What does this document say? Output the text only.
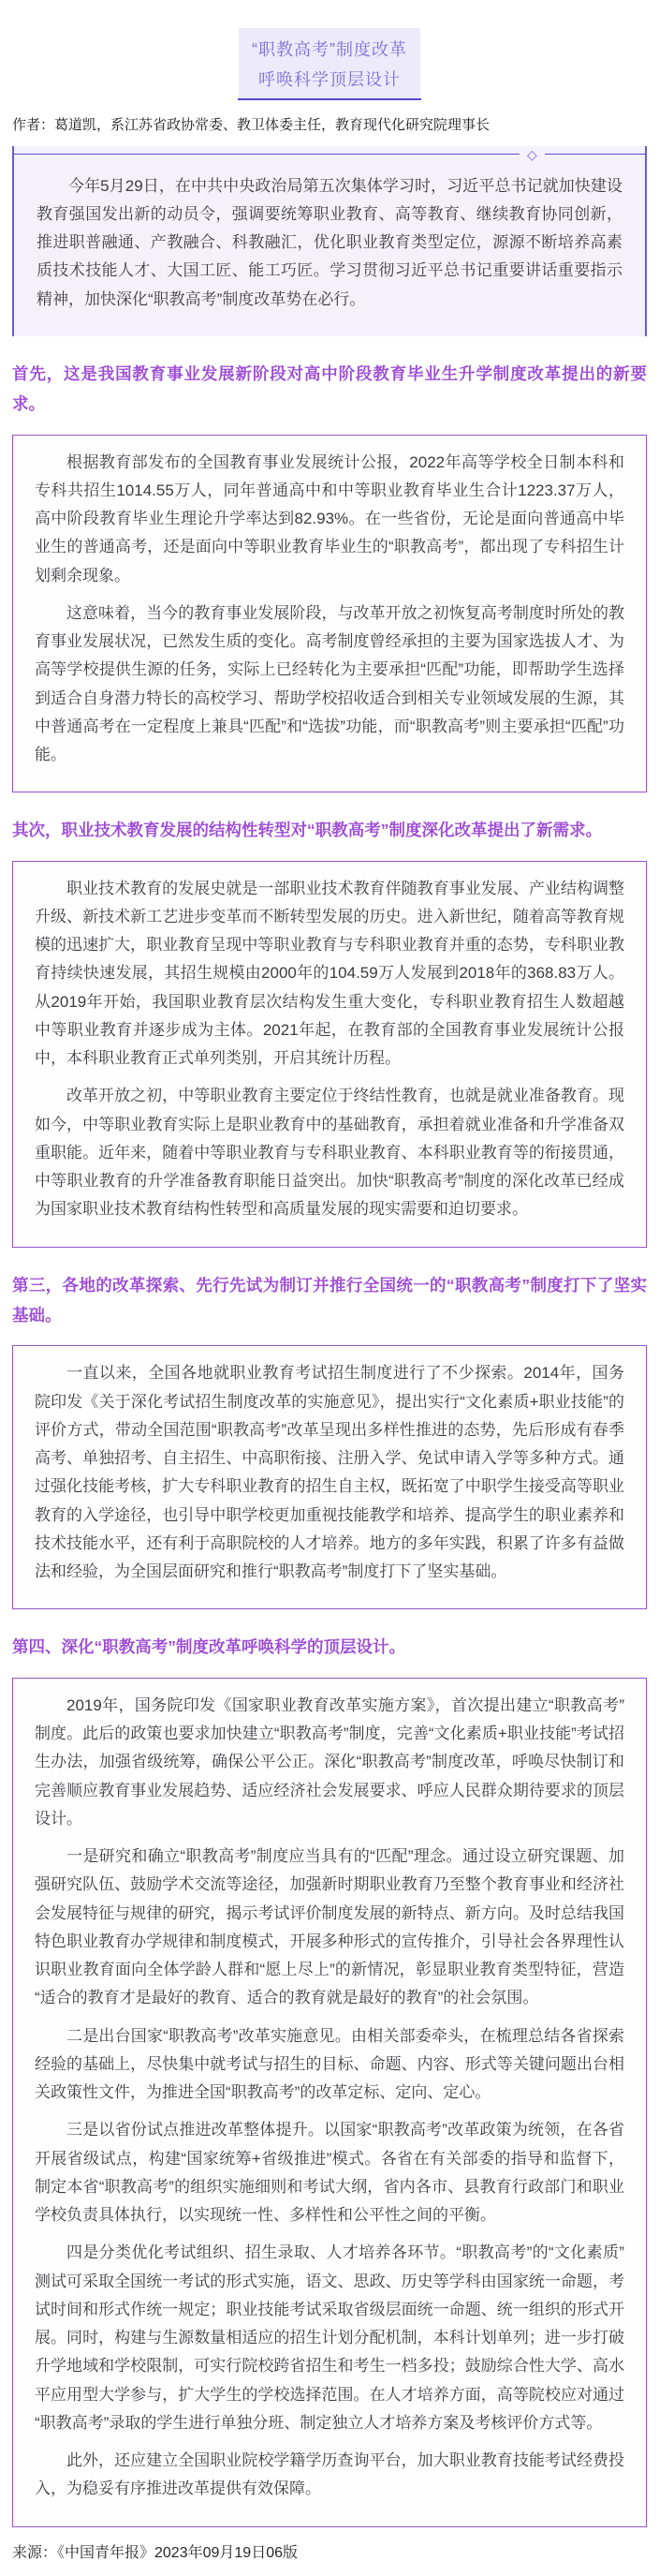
“职教高考”制度改革
呼唤科学顶层设计

作者：葛道凯，系江苏省政协常委、教卫体委主任，教育现代化研究院理事长

◇

今年5月29日，在中共中央政治局第五次集体学习时，习近平总书记就加快建设教育强国发出新的动员令，强调要统筹职业教育、高等教育、继续教育协同创新，推进职普融通、产教融合、科教融汇，优化职业教育类型定位，源源不断培养高素质技术技能人才、大国工匠、能工巧匠。学习贯彻习近平总书记重要讲话重要指示精神，加快深化“职教高考”制度改革势在必行。

首先，这是我国教育事业发展新阶段对高中阶段教育毕业生升学制度改革提出的新要求。

根据教育部发布的全国教育事业发展统计公报，2022年高等学校全日制本科和专科共招生1014.55万人，同年普通高中和中等职业教育毕业生合计1223.37万人，高中阶段教育毕业生理论升学率达到82.93%。在一些省份，无论是面向普通高中毕业生的普通高考，还是面向中等职业教育毕业生的“职教高考”，都出现了专科招生计划剩余现象。

这意味着，当今的教育事业发展阶段，与改革开放之初恢复高考制度时所处的教育事业发展状况，已然发生质的变化。高考制度曾经承担的主要为国家选拔人才、为高等学校提供生源的任务，实际上已经转化为主要承担“匹配”功能，即帮助学生选择到适合自身潜力特长的高校学习、帮助学校招收适合到相关专业领域发展的生源，其中普通高考在一定程度上兼具“匹配”和“选拔”功能，而“职教高考”则主要承担“匹配”功能。

其次，职业技术教育发展的结构性转型对“职教高考”制度深化改革提出了新需求。

职业技术教育的发展史就是一部职业技术教育伴随教育事业发展、产业结构调整升级、新技术新工艺进步变革而不断转型发展的历史。进入新世纪，随着高等教育规模的迅速扩大，职业教育呈现中等职业教育与专科职业教育并重的态势，专科职业教育持续快速发展，其招生规模由2000年的104.59万人发展到2018年的368.83万人。从2019年开始，我国职业教育层次结构发生重大变化，专科职业教育招生人数超越中等职业教育并逐步成为主体。2021年起，在教育部的全国教育事业发展统计公报中，本科职业教育正式单列类别，开启其统计历程。

改革开放之初，中等职业教育主要定位于终结性教育，也就是就业准备教育。现如今，中等职业教育实际上是职业教育中的基础教育，承担着就业准备和升学准备双重职能。近年来，随着中等职业教育与专科职业教育、本科职业教育等的衔接贯通，中等职业教育的升学准备教育职能日益突出。加快“职教高考”制度的深化改革已经成为国家职业技术教育结构性转型和高质量发展的现实需要和迫切要求。

第三，各地的改革探索、先行先试为制订并推行全国统一的“职教高考”制度打下了坚实基础。

一直以来，全国各地就职业教育考试招生制度进行了不少探索。2014年，国务院印发《关于深化考试招生制度改革的实施意见》，提出实行“文化素质+职业技能”的评价方式，带动全国范围“职教高考”改革呈现出多样性推进的态势，先后形成有春季高考、单独招考、自主招生、中高职衔接、注册入学、免试申请入学等多种方式。通过强化技能考核，扩大专科职业教育的招生自主权，既拓宽了中职学生接受高等职业教育的入学途径，也引导中职学校更加重视技能教学和培养、提高学生的职业素养和技术技能水平，还有利于高职院校的人才培养。地方的多年实践，积累了许多有益做法和经验，为全国层面研究和推行“职教高考”制度打下了坚实基础。

第四、深化“职教高考”制度改革呼唤科学的顶层设计。

2019年，国务院印发《国家职业教育改革实施方案》，首次提出建立“职教高考”制度。此后的政策也要求加快建立“职教高考”制度，完善“文化素质+职业技能”考试招生办法，加强省级统筹，确保公平公正。深化“职教高考”制度改革，呼唤尽快制订和完善顺应教育事业发展趋势、适应经济社会发展要求、呼应人民群众期待要求的顶层设计。

一是研究和确立“职教高考”制度应当具有的“匹配”理念。通过设立研究课题、加强研究队伍、鼓励学术交流等途径，加强新时期职业教育乃至整个教育事业和经济社会发展特征与规律的研究，揭示考试评价制度发展的新特点、新方向。及时总结我国特色职业教育办学规律和制度模式，开展多种形式的宣传推介，引导社会各界理性认识职业教育面向全体学龄人群和“愿上尽上”的新情况，彰显职业教育类型特征，营造“适合的教育才是最好的教育、适合的教育就是最好的教育”的社会氛围。

二是出台国家“职教高考”改革实施意见。由相关部委牵头，在梳理总结各省探索经验的基础上，尽快集中就考试与招生的目标、命题、内容、形式等关键问题出台相关政策性文件，为推进全国“职教高考”的改革定标、定向、定心。

三是以省份试点推进改革整体提升。以国家“职教高考”改革政策为统领，在各省开展省级试点，构建“国家统筹+省级推进”模式。各省在有关部委的指导和监督下，制定本省“职教高考”的组织实施细则和考试大纲，省内各市、县教育行政部门和职业学校负责具体执行，以实现统一性、多样性和公平性之间的平衡。

四是分类优化考试组织、招生录取、人才培养各环节。“职教高考”的“文化素质”测试可采取全国统一考试的形式实施，语文、思政、历史等学科由国家统一命题，考试时间和形式作统一规定；职业技能考试采取省级层面统一命题、统一组织的形式开展。同时，构建与生源数量相适应的招生计划分配机制，本科计划单列；进一步打破升学地域和学校限制，可实行院校跨省招生和考生一档多投；鼓励综合性大学、高水平应用型大学参与，扩大学生的学校选择范围。在人才培养方面，高等院校应对通过“职教高考”录取的学生进行单独分班、制定独立人才培养方案及考核评价方式等。

此外，还应建立全国职业院校学籍学历查询平台，加大职业教育技能考试经费投入，为稳妥有序推进改革提供有效保障。

来源：《中国青年报》2023年09月19日06版
